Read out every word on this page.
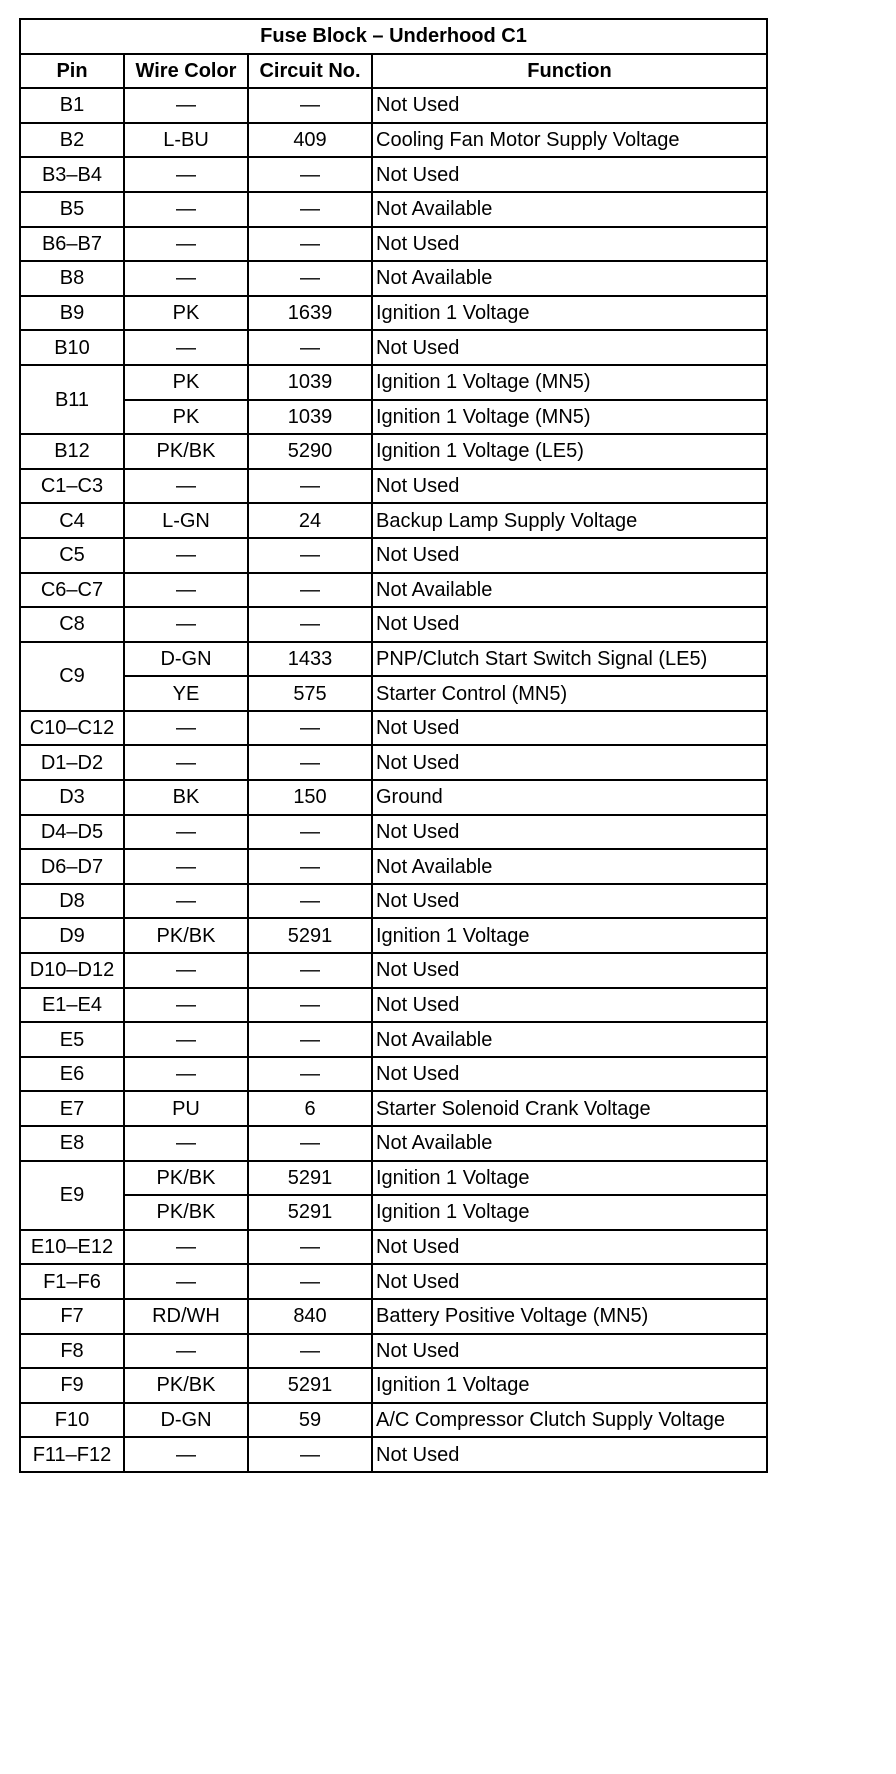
Fuse Block – Underhood C1			
Pin	Wire Color	Circuit No.	Function
B1	—	—	Not Used
B2	L-BU	409	Cooling Fan Motor Supply Voltage
B3–B4	—	—	Not Used
B5	—	—	Not Available
B6–B7	—	—	Not Used
B8	—	—	Not Available
B9	PK	1639	Ignition 1 Voltage
B10	—	—	Not Used
B11	PK	1039	Ignition 1 Voltage (MN5)
	PK	1039	Ignition 1 Voltage (MN5)
B12	PK/BK	5290	Ignition 1 Voltage (LE5)
C1–C3	—	—	Not Used
C4	L-GN	24	Backup Lamp Supply Voltage
C5	—	—	Not Used
C6–C7	—	—	Not Available
C8	—	—	Not Used
C9	D-GN	1433	PNP/Clutch Start Switch Signal (LE5)
	YE	575	Starter Control (MN5)
C10–C12	—	—	Not Used
D1–D2	—	—	Not Used
D3	BK	150	Ground
D4–D5	—	—	Not Used
D6–D7	—	—	Not Available
D8	—	—	Not Used
D9	PK/BK	5291	Ignition 1 Voltage
D10–D12	—	—	Not Used
E1–E4	—	—	Not Used
E5	—	—	Not Available
E6	—	—	Not Used
E7	PU	6	Starter Solenoid Crank Voltage
E8	—	—	Not Available
E9	PK/BK	5291	Ignition 1 Voltage
	PK/BK	5291	Ignition 1 Voltage
E10–E12	—	—	Not Used
F1–F6	—	—	Not Used
F7	RD/WH	840	Battery Positive Voltage (MN5)
F8	—	—	Not Used
F9	PK/BK	5291	Ignition 1 Voltage
F10	D-GN	59	A/C Compressor Clutch Supply Voltage
F11–F12	—	—	Not Used
